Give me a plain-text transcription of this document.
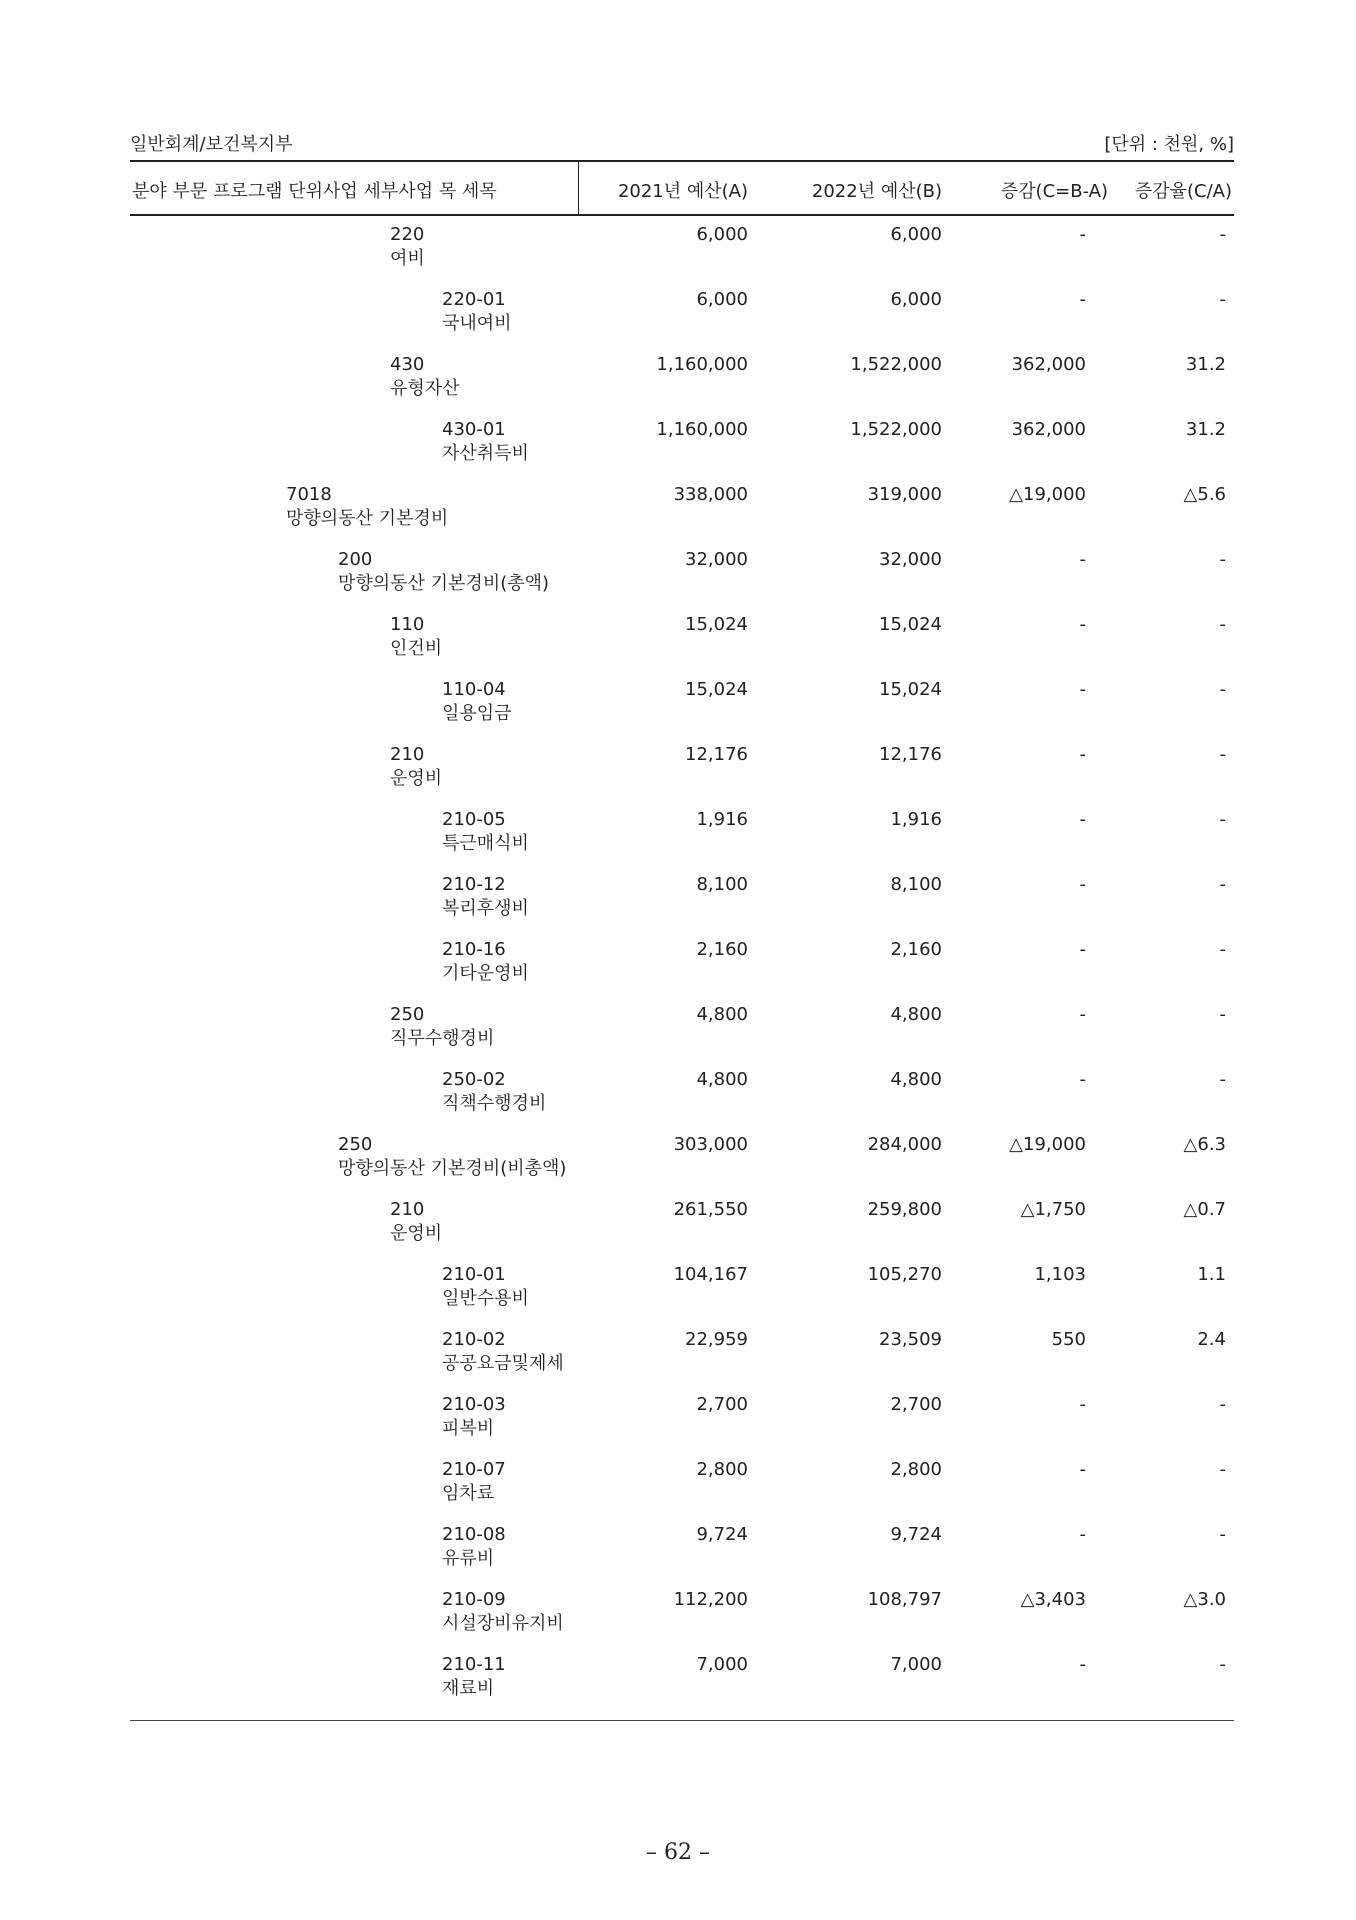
일반회계/보건복지부	[단위 : 천원, %]
분야 부문 프로그램 단위사업 세부사업 목 세목	2021년 예산(A)	2022년 예산(B)	증감(C=B-A) 증감율(C/A)
220
여비
6,000	6,000	-	-
220-01
국내여비
6,000	6,000	-	-
430
유형자산
1,160,000	1,522,000	362,000	31.2
430-01
자산취득비
1,160,000	1,522,000	362,000	31.2
7018
망향의동산 기본경비
338,000	319,000	△19,000	△5.6
200
망향의동산 기본경비(총액)
32,000	32,000	-	-
110
인건비
15,024	15,024	-	-
110-04
일용임금
15,024	15,024	-	-
210
운영비
12,176	12,176	-	-
210-05
특근매식비
1,916	1,916	-	-
210-12
복리후생비
8,100	8,100	-	-
210-16
기타운영비
2,160	2,160	-	-
250
직무수행경비
4,800	4,800	-	-
250-02
직책수행경비
4,800	4,800	-	-
250
망향의동산 기본경비(비총액)
303,000	284,000	△19,000	△6.3
210
운영비
261,550	259,800	△1,750	△0.7
210-01
일반수용비
104,167	105,270	1,103	1.1
210-02
공공요금및제세
22,959	23,509	550	2.4
210-03
피복비
2,700	2,700	-	-
210-07
임차료
2,800	2,800	-	-
210-08
유류비
9,724	9,724	-	-
210-09
시설장비유지비
112,200	108,797	△3,403	△3.0
210-11
재료비
7,000	7,000	-	-
– 62 –
